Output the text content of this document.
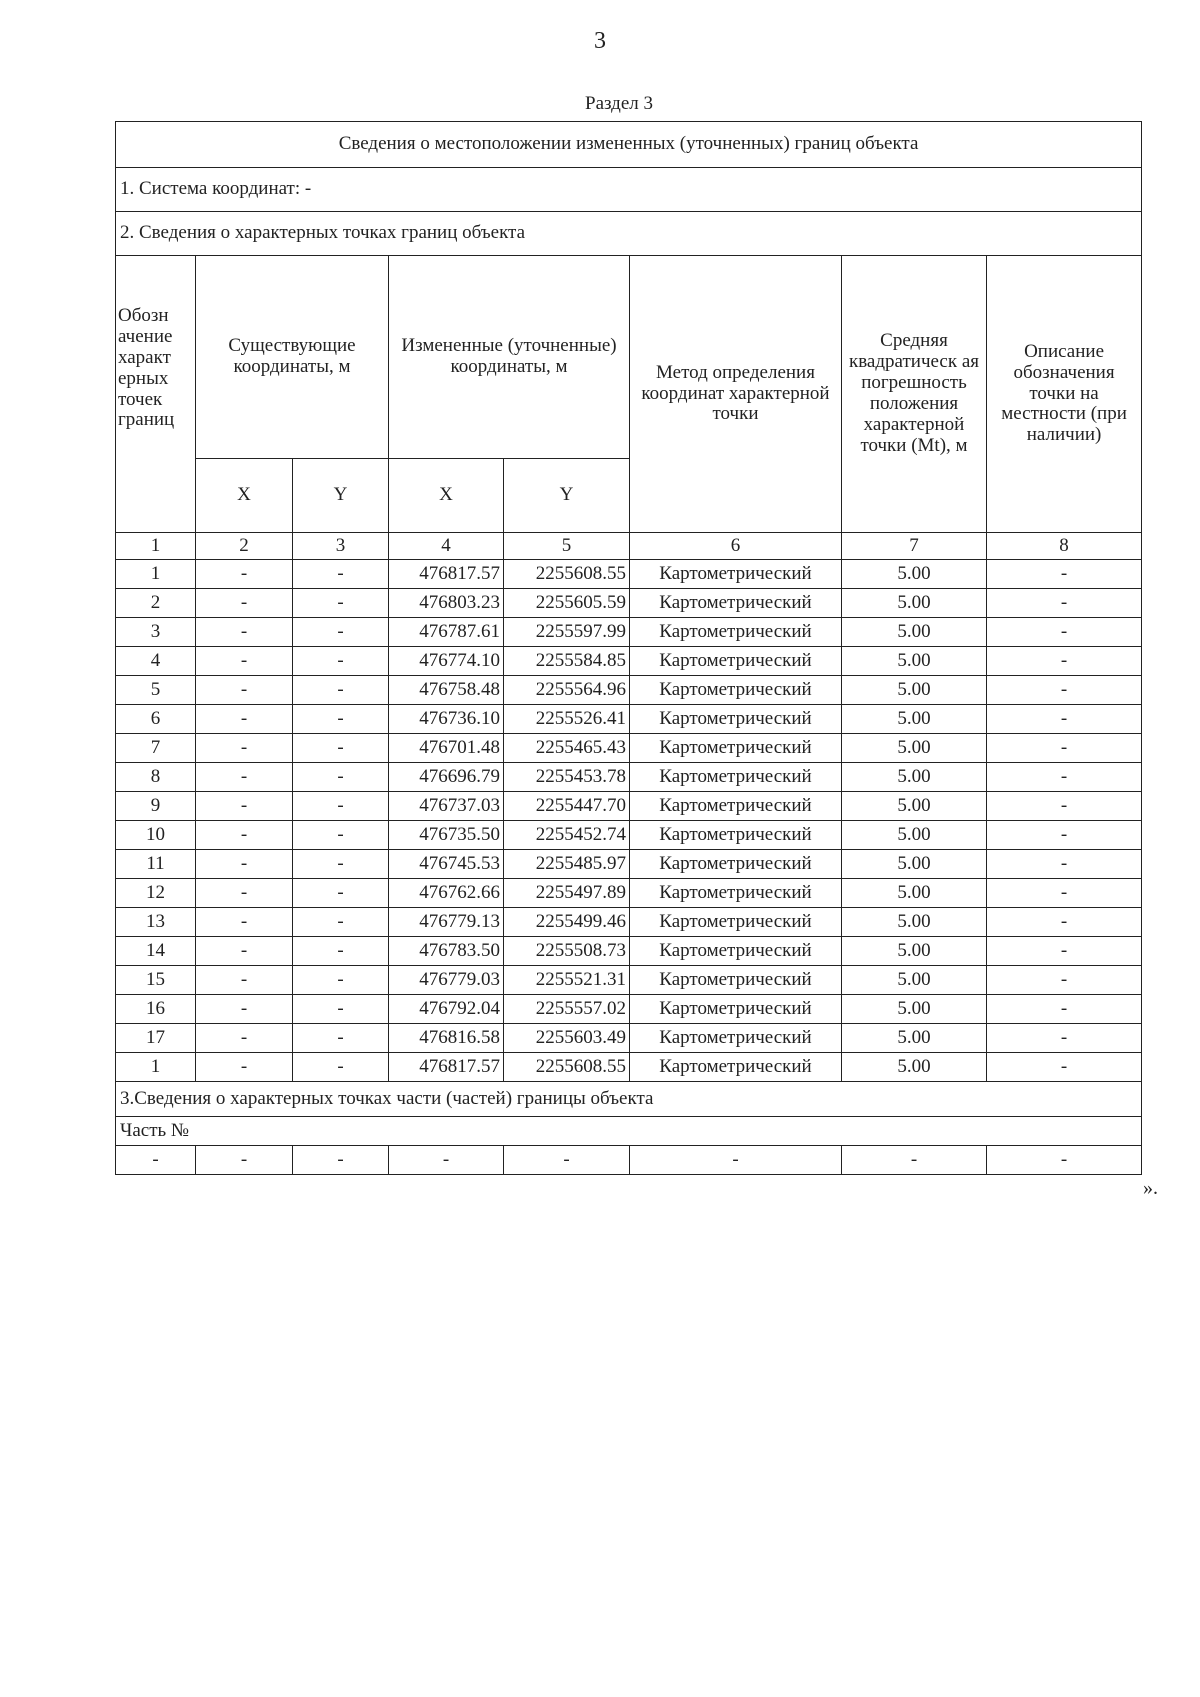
3
Раздел 3
Сведения о местоположении измененных (уточненных) границ объекта							
1. Система координат: -							
2. Сведения о характерных точках границ объекта							
Обозн ачение характ ерных точек границ	Существующие координаты, м		Измененные (уточненные) координаты, м		Метод определения координат характерной точки	Средняя квадратическ ая погрешность положения характерной точки (Mt), м	Описание обозначения точки на местности (при наличии)
	X	Y	X	Y			
1	2	3	4	5	6	7	8
1	-	-	476817.57	2255608.55	Картометрический	5.00	-
2	-	-	476803.23	2255605.59	Картометрический	5.00	-
3	-	-	476787.61	2255597.99	Картометрический	5.00	-
4	-	-	476774.10	2255584.85	Картометрический	5.00	-
5	-	-	476758.48	2255564.96	Картометрический	5.00	-
6	-	-	476736.10	2255526.41	Картометрический	5.00	-
7	-	-	476701.48	2255465.43	Картометрический	5.00	-
8	-	-	476696.79	2255453.78	Картометрический	5.00	-
9	-	-	476737.03	2255447.70	Картометрический	5.00	-
10	-	-	476735.50	2255452.74	Картометрический	5.00	-
11	-	-	476745.53	2255485.97	Картометрический	5.00	-
12	-	-	476762.66	2255497.89	Картометрический	5.00	-
13	-	-	476779.13	2255499.46	Картометрический	5.00	-
14	-	-	476783.50	2255508.73	Картометрический	5.00	-
15	-	-	476779.03	2255521.31	Картометрический	5.00	-
16	-	-	476792.04	2255557.02	Картометрический	5.00	-
17	-	-	476816.58	2255603.49	Картометрический	5.00	-
1	-	-	476817.57	2255608.55	Картометрический	5.00	-
3.Сведения о характерных точках части (частей) границы объекта							
Часть №							
-	-	-	-	-	-	-	-
».
